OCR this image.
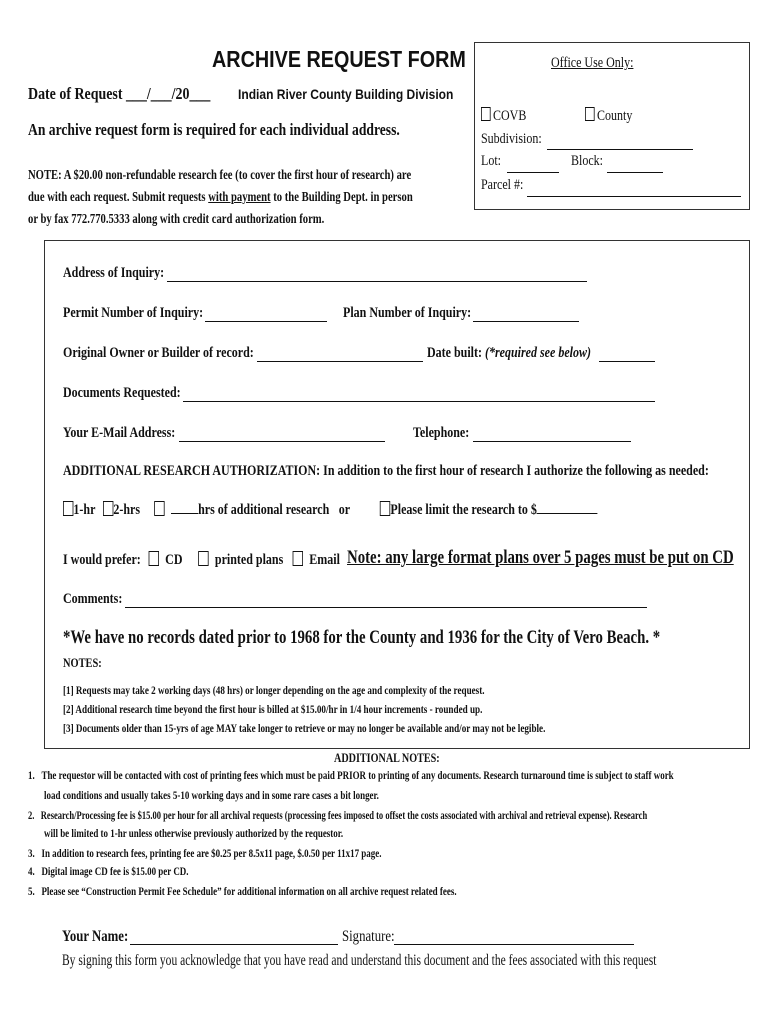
ARCHIVE REQUEST FORM
Date of Request ___/___/20___ Indian River County Building Division
An archive request form is required for each individual address.
NOTE: A $20.00 non-refundable research fee (to cover the first hour of research) are
due with each request. Submit requests with payment to the Building Dept. in person
or by fax 772.770.5333 along with credit card authorization form.
Office Use Only:
COVB	County
Subdivision:
Lot:	Block:
Parcel #:
Address of Inquiry:
Permit Number of Inquiry:	Plan Number of Inquiry:
Original Owner or Builder of record:	Date built: (*required see below)
Documents Requested:
Your E-Mail Address:	Telephone:
ADDITIONAL RESEARCH AUTHORIZATION: In addition to the first hour of research I authorize the following as needed:
1-hr 2-hrs	hrs of additional research or	Please limit the research to $
I would prefer: CD printed plans Email Note: any large format plans over 5 pages must be put on CD
Comments:
*We have no records dated prior to 1968 for the County and 1936 for the City of Vero Beach. *
NOTES:
[1] Requests may take 2 working days (48 hrs) or longer depending on the age and complexity of the request.
[2] Additional research time beyond the first hour is billed at $15.00/hr in 1/4 hour increments - rounded up.
[3] Documents older than 15-yrs of age MAY take longer to retrieve or may no longer be available and/or may not be legible.
ADDITIONAL NOTES:
1. The requestor will be contacted with cost of printing fees which must be paid PRIOR to printing of any documents. Research turnaround time is subject to staff work
load conditions and usually takes 5-10 working days and in some rare cases a bit longer.
2. Research/Processing fee is $15.00 per hour for all archival requests (processing fees imposed to offset the costs associated with archival and retrieval expense). Research
will be limited to 1-hr unless otherwise previously authorized by the requestor.
3. In addition to research fees, printing fee are $0.25 per 8.5x11 page, $.0.50 per 11x17 page.
4. Digital image CD fee is $15.00 per CD.
5. Please see “Construction Permit Fee Schedule” for additional information on all archive request related fees.
Your Name:	Signature:
By signing this form you acknowledge that you have read and understand this document and the fees associated with this request
